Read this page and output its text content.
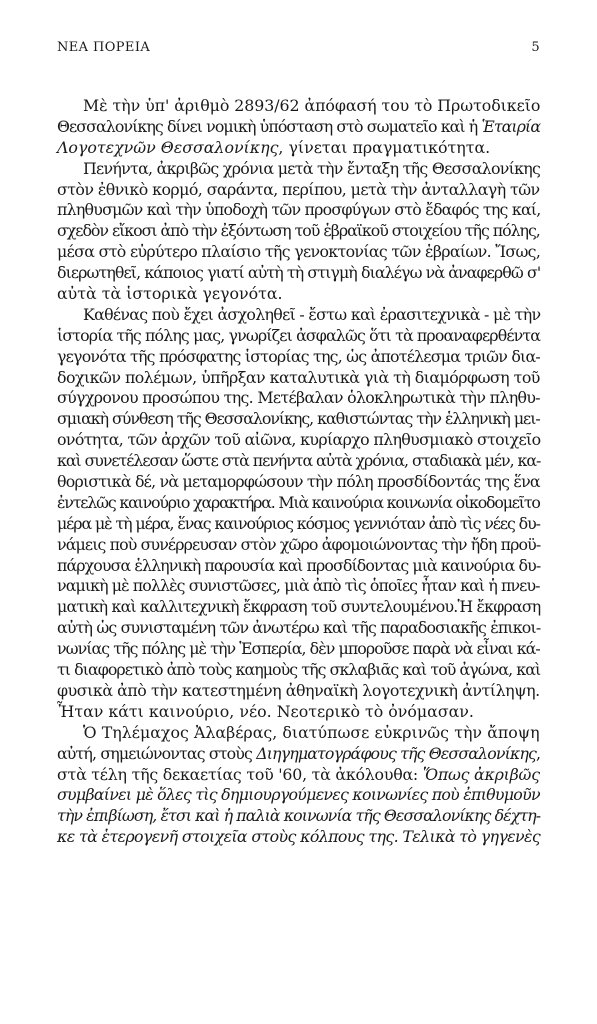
ΝΕΑ ΠΟΡΕΙΑ	5
Μὲ τὴν ὑπ' ἀριθμὸ 2893/62 ἀπόφασή του τὸ Πρωτοδικεῖο
Θεσσαλονίκης δίνει νομικὴ ὑπόσταση στὸ σωματεῖο καὶ ἡ Ἑταιρία
Λογοτεχνῶν Θεσσαλονίκης, γίνεται πραγματικότητα.
Πενήντα, ἀκριβῶς χρόνια μετὰ τὴν ἔνταξη τῆς Θεσσαλονίκης
στὸν ἐθνικὸ κορμό, σαράντα, περίπου, μετὰ τὴν ἀνταλλαγὴ τῶν
πληθυσμῶν καὶ τὴν ὑποδοχὴ τῶν προσφύγων στὸ ἔδαφός της καί,
σχεδὸν εἴκοσι ἀπὸ τὴν ἐξόντωση τοῦ ἑβραϊκοῦ στοιχείου τῆς πόλης,
μέσα στὸ εὐρύτερο πλαίσιο τῆς γενοκτονίας τῶν ἑβραίων. Ἴσως,
διερωτηθεῖ, κάποιος γιατί αὐτὴ τὴ στιγμὴ διαλέγω νὰ ἀναφερθῶ σ'
αὐτὰ τὰ ἱστορικὰ γεγονότα.
Καθένας ποὺ ἔχει ἀσχοληθεῖ - ἔστω καὶ ἐρασιτεχνικὰ - μὲ τὴν
ἱστορία τῆς πόλης μας, γνωρίζει ἀσφαλῶς ὅτι τὰ προαναφερθέντα
γεγονότα τῆς πρόσφατης ἱστορίας της, ὡς ἀποτέλεσμα τριῶν δια-
δοχικῶν πολέμων, ὑπῆρξαν καταλυτικὰ γιὰ τὴ διαμόρφωση τοῦ
σύγχρονου προσώπου της. Μετέβαλαν ὁλοκληρωτικὰ τὴν πληθυ-
σμιακὴ σύνθεση τῆς Θεσσαλονίκης, καθιστώντας τὴν ἑλληνικὴ μει-
ονότητα, τῶν ἀρχῶν τοῦ αἰῶνα, κυρίαρχο πληθυσμιακὸ στοιχεῖο
καὶ συνετέλεσαν ὥστε στὰ πενήντα αὐτὰ χρόνια, σταδιακὰ μέν, κα-
θοριστικὰ δέ, νὰ μεταμορφώσουν τὴν πόλη προσδίδοντάς της ἕνα
ἐντελῶς καινούριο χαρακτήρα. Μιὰ καινούρια κοινωνία οἰκοδομεῖτο
μέρα μὲ τὴ μέρα, ἕνας καινούριος κόσμος γεννιόταν ἀπὸ τὶς νέες δυ-
νάμεις ποὺ συνέρρευσαν στὸν χῶρο ἀφομοιώνοντας τὴν ἤδη προϋ-
πάρχουσα ἑλληνικὴ παρουσία καὶ προσδίδοντας μιὰ καινούρια δυ-
ναμικὴ μὲ πολλὲς συνιστῶσες, μιὰ ἀπὸ τὶς ὁποῖες ἦταν καὶ ἡ πνευ-
ματικὴ καὶ καλλιτεχνικὴ ἔκφραση τοῦ συντελουμένου.Ἡ ἔκφραση
αὐτὴ ὡς συνισταμένη τῶν ἀνωτέρω καὶ τῆς παραδοσιακῆς ἐπικοι-
νωνίας τῆς πόλης μὲ τὴν Ἑσπερία, δὲν μποροῦσε παρὰ νὰ εἶναι κά-
τι διαφορετικὸ ἀπὸ τοὺς καημοὺς τῆς σκλαβιᾶς καὶ τοῦ ἀγώνα, καὶ
φυσικὰ ἀπὸ τὴν κατεστημένη ἀθηναϊκὴ λογοτεχνικὴ ἀντίληψη.
Ἦταν κάτι καινούριο, νέο. Νεοτερικὸ τὸ ὀνόμασαν.
Ὁ Τηλέμαχος Ἀλαβέρας, διατύπωσε εὐκρινῶς τὴν ἄποψη
αὐτή, σημειώνοντας στοὺς Διηγηματογράφους τῆς Θεσσαλονίκης,
στὰ τέλη τῆς δεκαετίας τοῦ '60, τὰ ἀκόλουθα: Ὅπως ἀκριβῶς
συμβαίνει μὲ ὅλες τὶς δημιουργούμενες κοινωνίες ποὺ ἐπιθυμοῦν
τὴν ἐπιβίωση, ἔτσι καὶ ἡ παλιὰ κοινωνία τῆς Θεσσαλονίκης δέχτη-
κε τὰ ἑτερογενῆ στοιχεῖα στοὺς κόλπους της. Τελικὰ τὸ γηγενὲς
